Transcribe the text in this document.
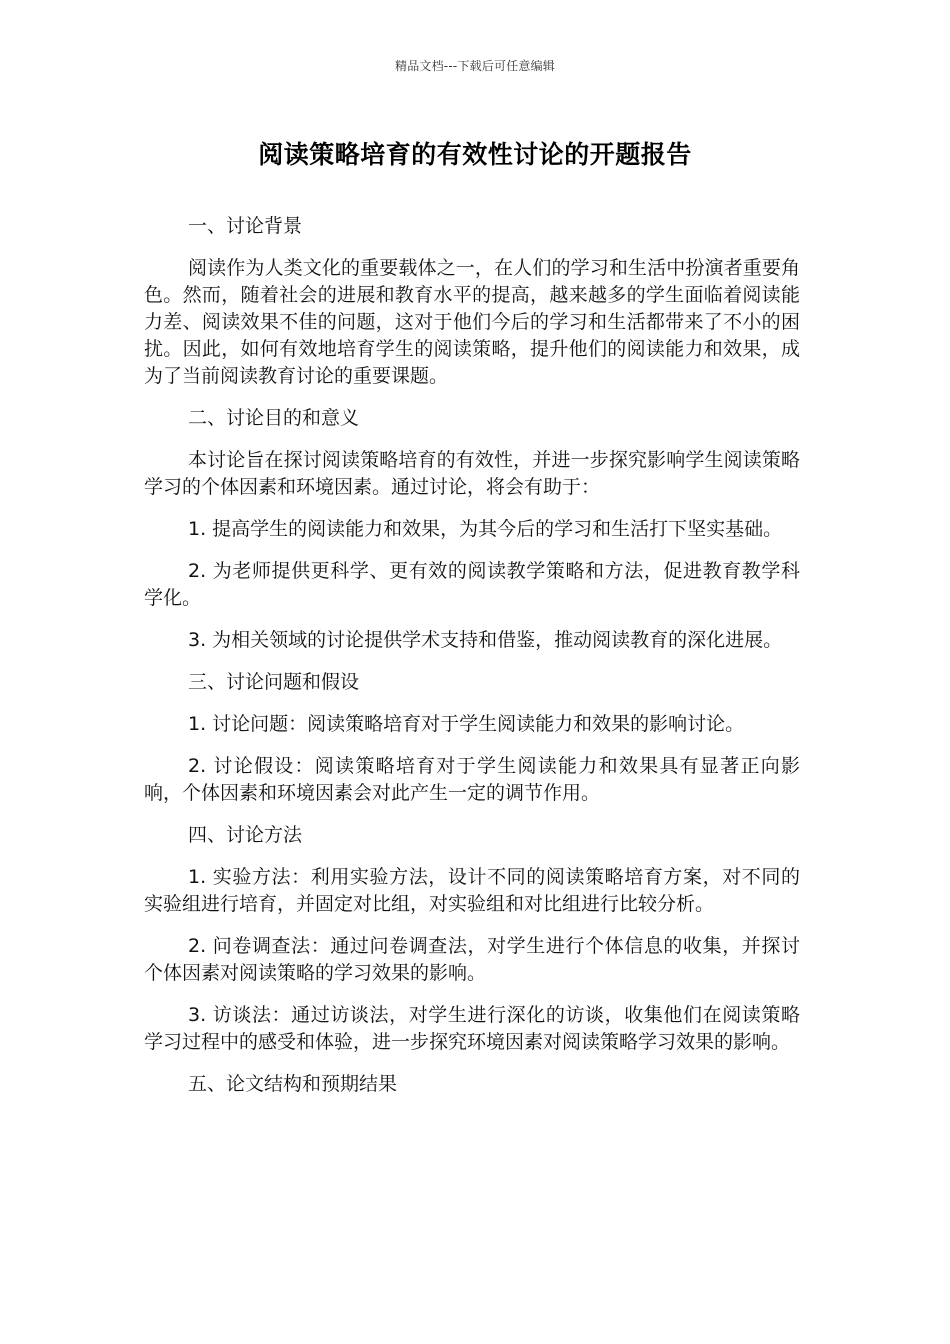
精品文档---下载后可任意编辑
阅读策略培育的有效性讨论的开题报告

一、讨论背景

阅读作为人类文化的重要载体之一，在人们的学习和生活中扮演者重要角色。然而，随着社会的进展和教育水平的提高，越来越多的学生面临着阅读能力差、阅读效果不佳的问题，这对于他们今后的学习和生活都带来了不小的困扰。因此，如何有效地培育学生的阅读策略，提升他们的阅读能力和效果，成为了当前阅读教育讨论的重要课题。

二、讨论目的和意义

本讨论旨在探讨阅读策略培育的有效性，并进一步探究影响学生阅读策略学习的个体因素和环境因素。通过讨论，将会有助于：

1. 提高学生的阅读能力和效果，为其今后的学习和生活打下坚实基础。

2. 为老师提供更科学、更有效的阅读教学策略和方法，促进教育教学科学化。

3. 为相关领域的讨论提供学术支持和借鉴，推动阅读教育的深化进展。

三、讨论问题和假设

1. 讨论问题：阅读策略培育对于学生阅读能力和效果的影响讨论。

2. 讨论假设：阅读策略培育对于学生阅读能力和效果具有显著正向影响，个体因素和环境因素会对此产生一定的调节作用。

四、讨论方法

1. 实验方法：利用实验方法，设计不同的阅读策略培育方案，对不同的实验组进行培育，并固定对比组，对实验组和对比组进行比较分析。

2. 问卷调查法：通过问卷调查法，对学生进行个体信息的收集，并探讨个体因素对阅读策略的学习效果的影响。

3. 访谈法：通过访谈法，对学生进行深化的访谈，收集他们在阅读策略学习过程中的感受和体验，进一步探究环境因素对阅读策略学习效果的影响。

五、论文结构和预期结果
